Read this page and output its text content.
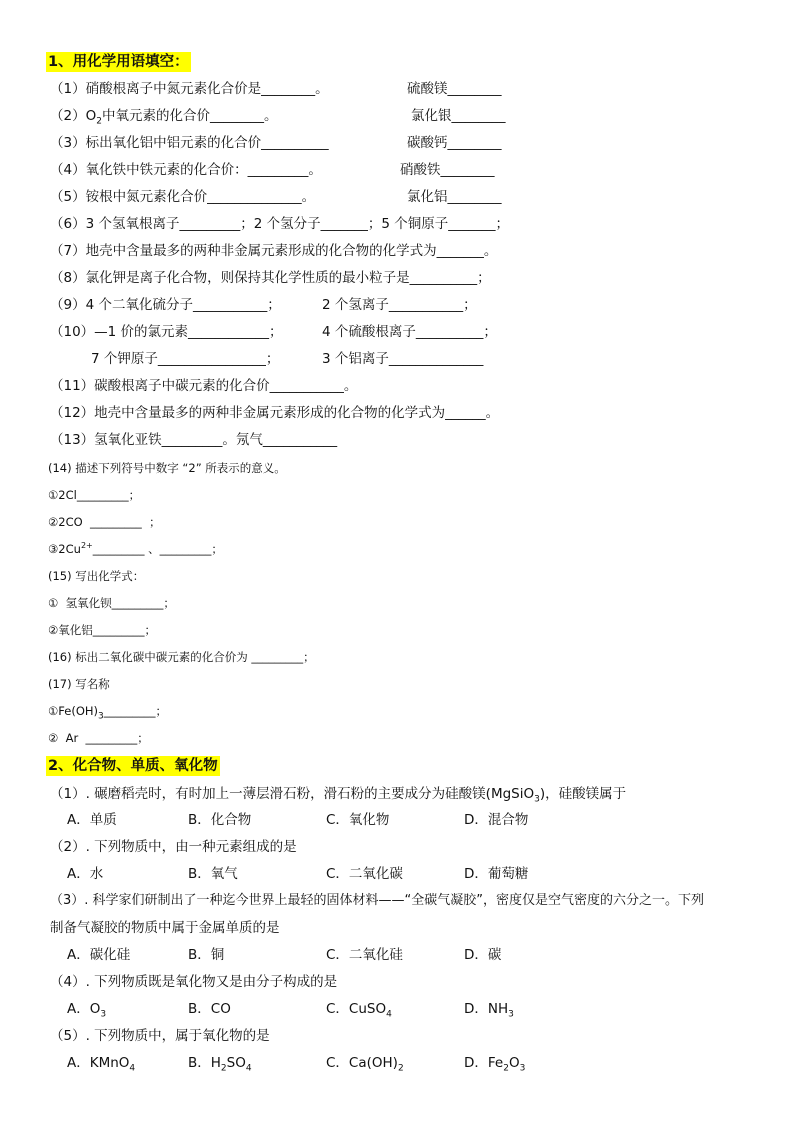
1、用化学用语填空：
（1）硝酸根离子中氮元素化合价是________。	硫酸镁________
$(2)O_2$中氧元素的化合价________。	氯化银________
（3）标出氧化铝中铝元素的化合价__________	碳酸钙________
（4）氧化铁中铁元素的化合价：_________。	硝酸铁________
（5）铵根中氮元素化合价______________。	氯化铝________
（6）3 个氢氧根离子_________；2 个氢分子_______；5 个铜原子_______；
（7）地壳中含量最多的两种非金属元素形成的化合物的化学式为_______。
（8）氯化钾是离子化合物，则保持其化学性质的最小粒子是__________；
（9）4 个二氧化硫分子___________；	2 个氢离子___________；
（10）—1 价的氯元素____________；	4 个硫酸根离子__________；
7 个钾原子________________；	3 个铝离子______________
（11）碳酸根离子中碳元素的化合价___________。
（12）地壳中含量最多的两种非金属元素形成的化合物的化学式为______。
（13）氢氧化亚铁_________。氖气___________
(14) 描述下列符号中数字 “2” 所表示的意义。
①2Cl_________；
②2CO  _________  ；
$③2Cu^{2+}\_\_\_\_\_\_\_\_\_$ 、_________；
(15) 写出化学式：
①  氢氧化钡_________；
②氧化铝_________；
(16) 标出二氧化碳中碳元素的化合价为 _________；
(17) 写名称
$①Fe(OH)_3\_\_\_\_\_\_\_\_\_$；
②  Ar  _________；
2、化合物、单质、氧化物
（1）. 碾磨稻壳时，有时加上一薄层滑石粉，滑石粉的主要成分为硅酸镁(MgSiO$_3$)，硅酸镁属于
A．单质	B．化合物	C．氧化物	D．混合物
（2）. 下列物质中，由一种元素组成的是
A．水	B．氧气	C．二氧化碳	D．葡萄糖
（3）. 科学家们研制出了一种迄今世界上最轻的固体材料——“全碳气凝胶”，密度仅是空气密度的六分之一。下列
制备气凝胶的物质中属于金属单质的是
A．碳化硅	B．铜	C．二氧化硅	D．碳
（4）. 下列物质既是氧化物又是由分子构成的是
A．$O_3$	B．CO	C．CuSO$_4$	D．$NH_3$
（5）. 下列物质中，属于氧化物的是
A．KMnO$_4$	B．$H_2SO_4$	C．$Ca(OH)_2$	D．$Fe_2O_3$
